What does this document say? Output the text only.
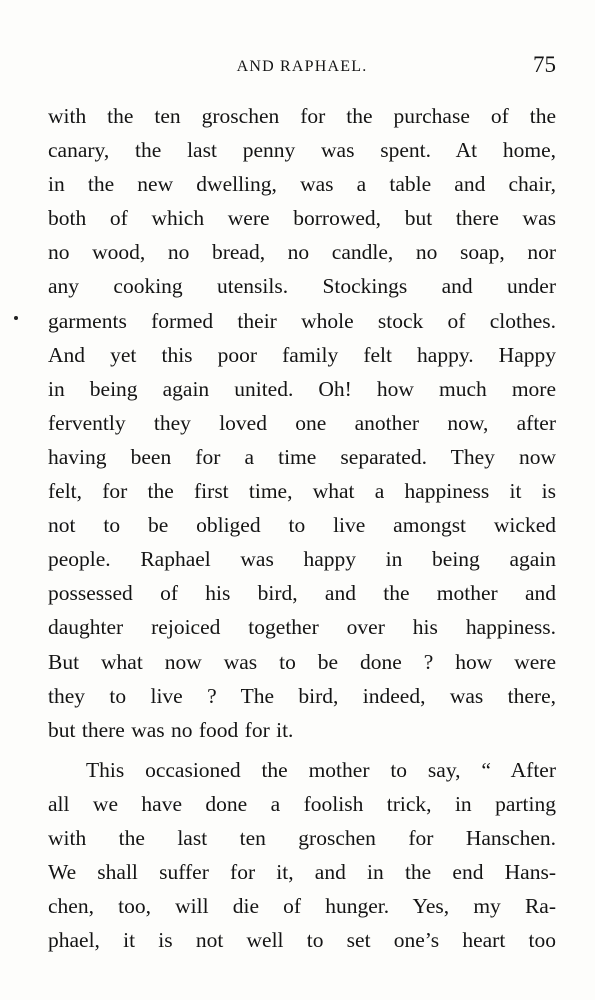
AND RAPHAEL.	75
with the ten groschen for the purchase of the
canary, the last penny was spent. At home,
in the new dwelling, was a table and chair,
both of which were borrowed, but there was
no wood, no bread, no candle, no soap, nor
any cooking utensils. Stockings and under
garments formed their whole stock of clothes.
And yet this poor family felt happy. Happy
in being again united. Oh! how much more
fervently they loved one another now, after
having been for a time separated. They now
felt, for the first time, what a happiness it is
not to be obliged to live amongst wicked
people. Raphael was happy in being again
possessed of his bird, and the mother and
daughter rejoiced together over his happiness.
But what now was to be done ? how were
they to live ? The bird, indeed, was there,
but there was no food for it.
This occasioned the mother to say, “ After
all we have done a foolish trick, in parting
with the last ten groschen for Hanschen.
We shall suffer for it, and in the end Hans-
chen, too, will die of hunger. Yes, my Ra-
phael, it is not well to set one’s heart too
